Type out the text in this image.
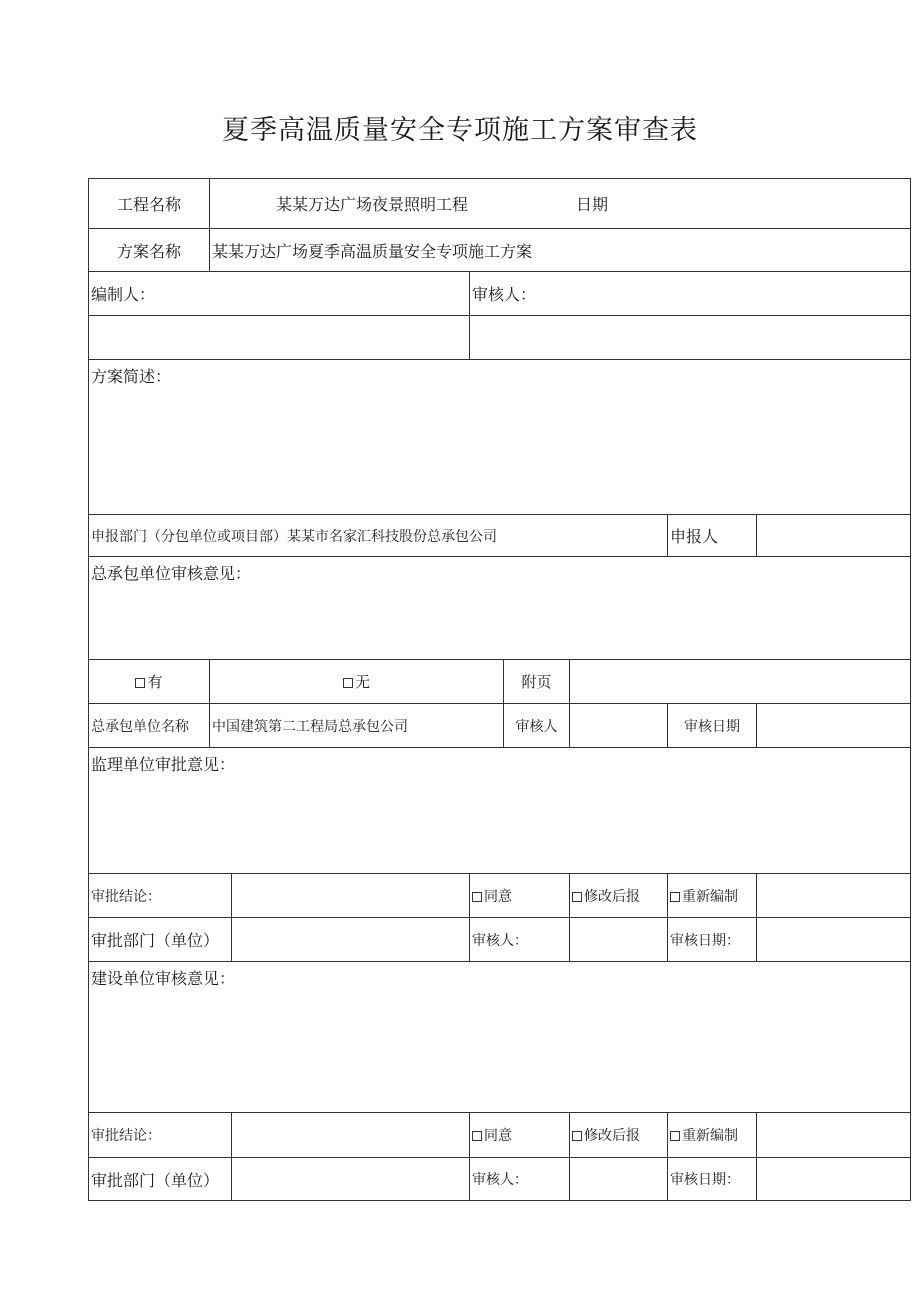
夏季高温质量安全专项施工方案审查表
工程名称	某某万达广场夜景照明工程 日期						
方案名称	某某万达广场夏季高温质量安全专项施工方案						
编制人：			审核人：				

方案简述：							
申报部门（分包单位或项目部）某某市名家汇科技股份总承包公司						申报人	
总承包单位审核意见：							
有	无			附页			
总承包单位名称	中国建筑第二工程局总承包公司			审核人		审核日期	
监理单位审批意见：							
审批结论：			同意		修改后报	重新编制	
审批部门（单位）			审核人：			审核日期：	
建设单位审核意见：							
审批结论：			同意		修改后报	重新编制	
审批部门（单位）			审核人：			审核日期：	
